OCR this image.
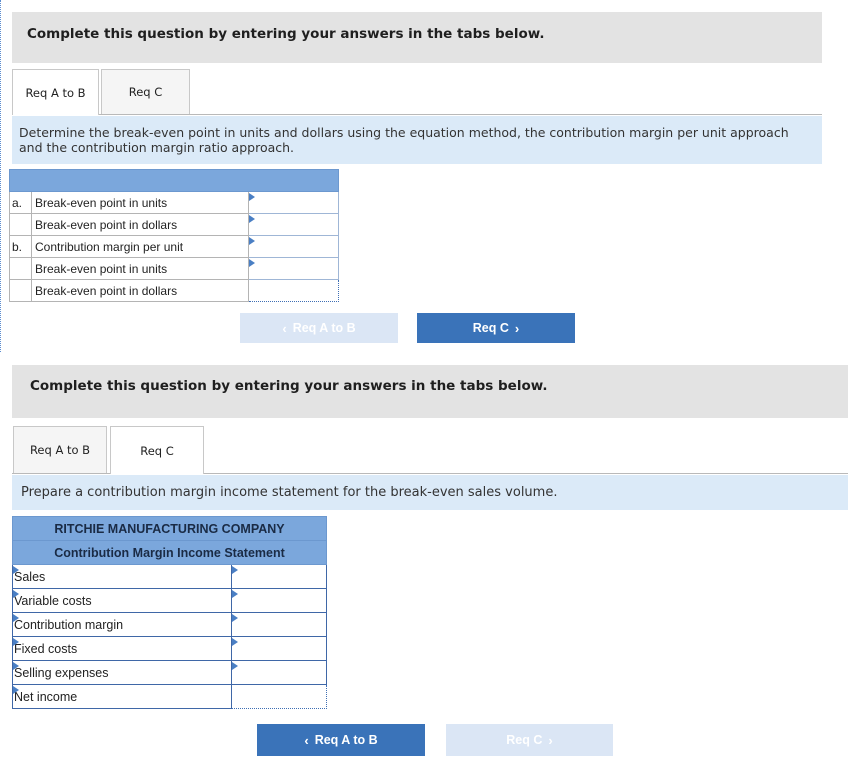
Complete this question by entering your answers in the tabs below.
Req A to B	Req C
Determine the break-even point in units and dollars using the equation method, the contribution margin per unit approach and the contribution margin ratio approach.

a.	Break-even point in units	

	Break-even point in dollars	

b.	Contribution margin per unit	

	Break-even point in units	

	Break-even point in dollars	
‹ Req A to B	Req C ›
Complete this question by entering your answers in the tabs below.
Req A to B	Req C
Prepare a contribution margin income statement for the break-even sales volume.
RITCHIE MANUFACTURING COMPANY	
Contribution Margin Income Statement	

Sales	

Variable costs	

Contribution margin	

Fixed costs	

Selling expenses	

Net income	
‹ Req A to B	Req C ›
